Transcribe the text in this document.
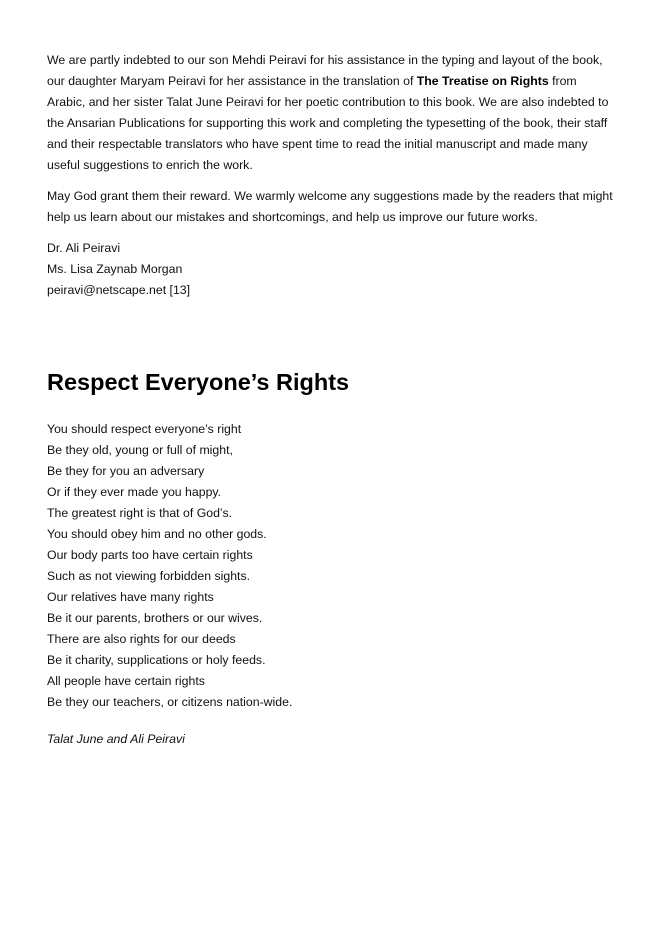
We are partly indebted to our son Mehdi Peiravi for his assistance in the typing and layout of the book, our daughter Maryam Peiravi for her assistance in the translation of The Treatise on Rights from Arabic, and her sister Talat June Peiravi for her poetic contribution to this book. We are also indebted to the Ansarian Publications for supporting this work and completing the typesetting of the book, their staff and their respectable translators who have spent time to read the initial manuscript and made many useful suggestions to enrich the work.

May God grant them their reward. We warmly welcome any suggestions made by the readers that might help us learn about our mistakes and shortcomings, and help us improve our future works.

Dr. Ali Peiravi
Ms. Lisa Zaynab Morgan
peiravi@netscape.net [13]
Respect Everyone’s Rights
You should respect everyone’s right
Be they old, young or full of might,
Be they for you an adversary
Or if they ever made you happy.
The greatest right is that of God’s.
You should obey him and no other gods.
Our body parts too have certain rights
Such as not viewing forbidden sights.
Our relatives have many rights
Be it our parents, brothers or our wives.
There are also rights for our deeds
Be it charity, supplications or holy feeds.
All people have certain rights
Be they our teachers, or citizens nation-wide.

Talat June and Ali Peiravi
